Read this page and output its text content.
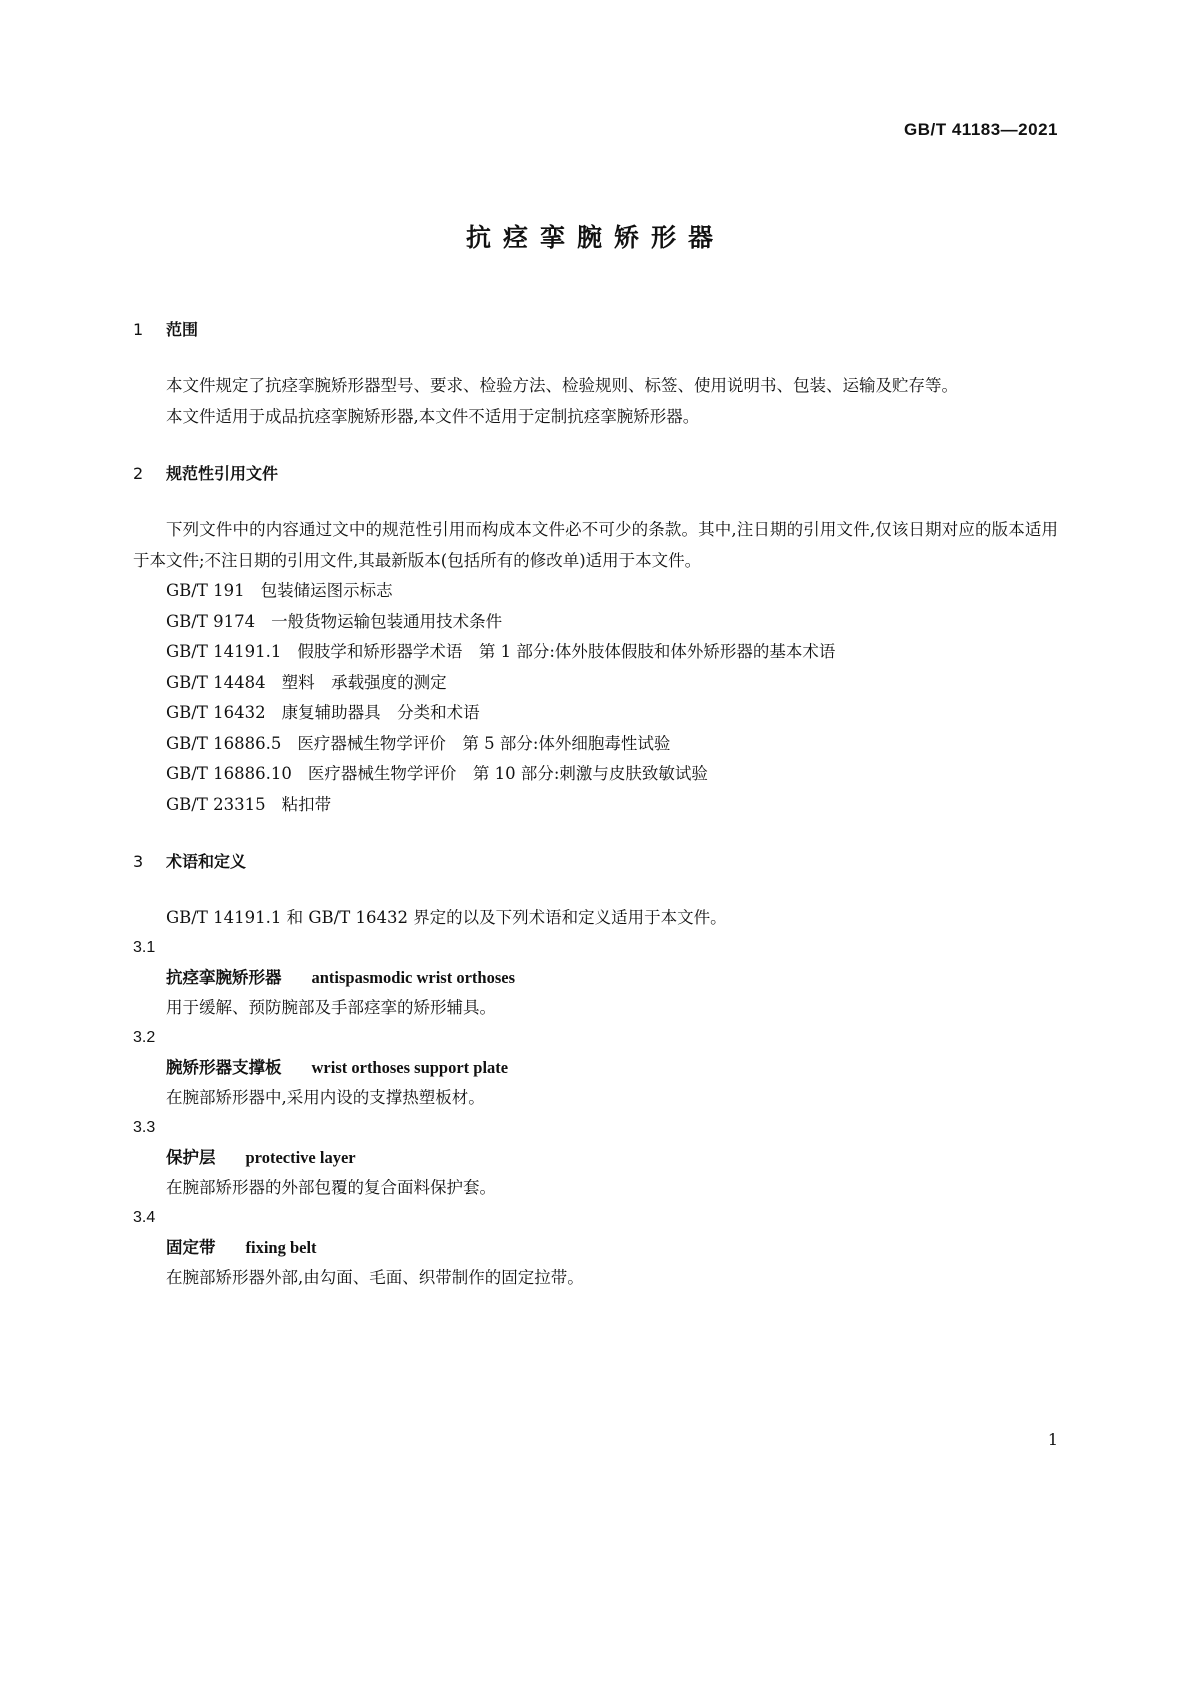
GB/T 41183—2021
抗痉挛腕矫形器
1 范围

本文件规定了抗痉挛腕矫形器型号、要求、检验方法、检验规则、标签、使用说明书、包装、运输及贮存等。

本文件适用于成品抗痉挛腕矫形器,本文件不适用于定制抗痉挛腕矫形器。

2 规范性引用文件

下列文件中的内容通过文中的规范性引用而构成本文件必不可少的条款。其中,注日期的引用文件,仅该日期对应的版本适用于本文件;不注日期的引用文件,其最新版本(包括所有的修改单)适用于本文件。

GB/T 191 包装储运图示标志
GB/T 9174 一般货物运输包装通用技术条件
GB/T 14191.1 假肢学和矫形器学术语　第 1 部分:体外肢体假肢和体外矫形器的基本术语
GB/T 14484 塑料　承载强度的测定
GB/T 16432 康复辅助器具　分类和术语
GB/T 16886.5 医疗器械生物学评价　第 5 部分:体外细胞毒性试验
GB/T 16886.10 医疗器械生物学评价　第 10 部分:刺激与皮肤致敏试验
GB/T 23315 粘扣带
3 术语和定义

GB/T 14191.1 和 GB/T 16432 界定的以及下列术语和定义适用于本文件。

3.1
抗痉挛腕矫形器 antispasmodic wrist orthoses
用于缓解、预防腕部及手部痉挛的矫形辅具。
3.2
腕矫形器支撑板 wrist orthoses support plate
在腕部矫形器中,采用内设的支撑热塑板材。
3.3
保护层 protective layer
在腕部矫形器的外部包覆的复合面料保护套。
3.4
固定带 fixing belt
在腕部矫形器外部,由勾面、毛面、织带制作的固定拉带。
1
